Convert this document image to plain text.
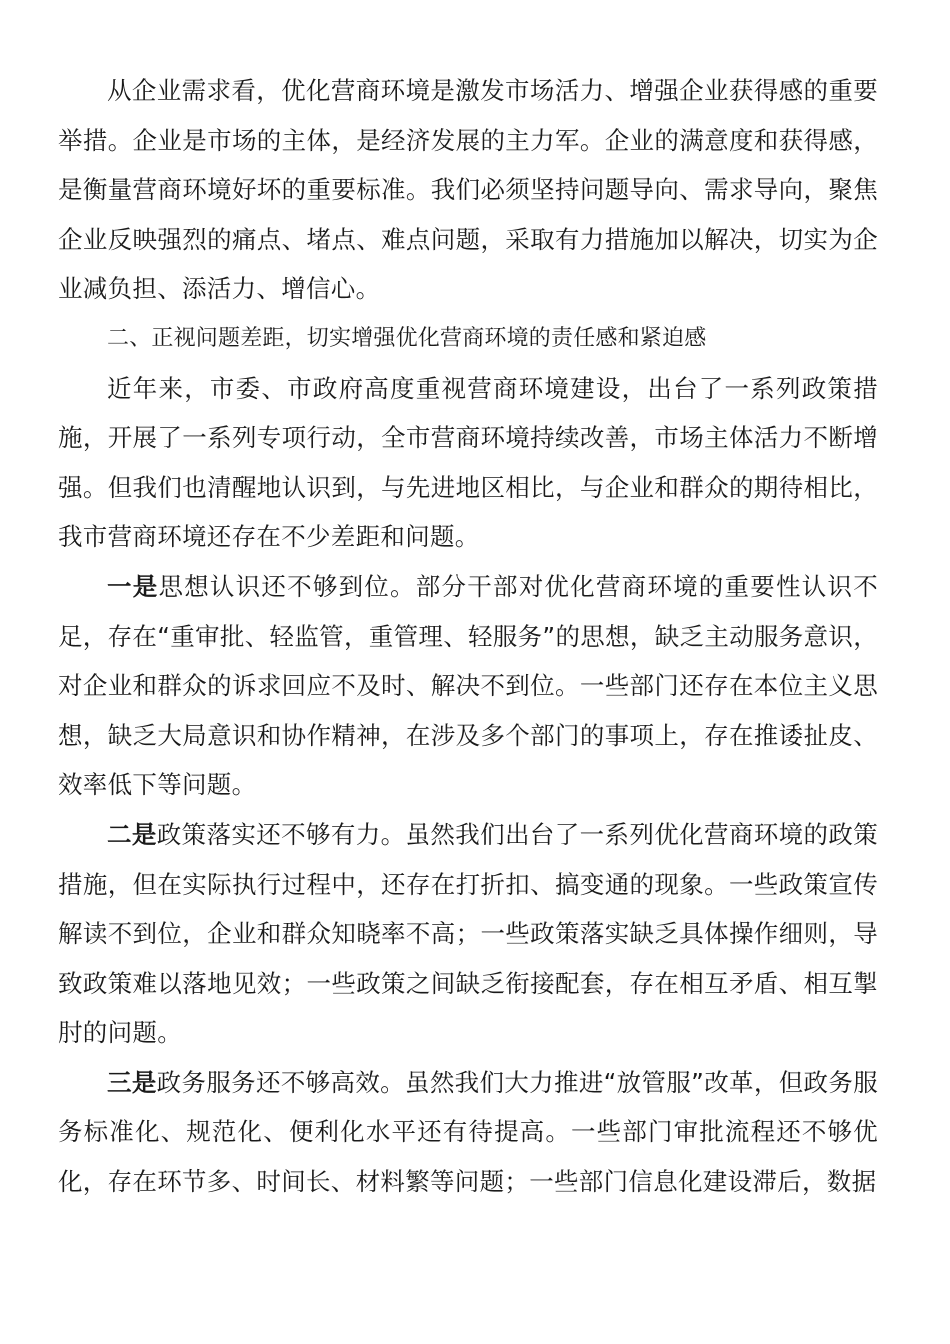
从企业需求看，优化营商环境是激发市场活力、增强企业获得感的重要举措。企业是市场的主体，是经济发展的主力军。企业的满意度和获得感，是衡量营商环境好坏的重要标准。我们必须坚持问题导向、需求导向，聚焦企业反映强烈的痛点、堵点、难点问题，采取有力措施加以解决，切实为企业减负担、添活力、增信心。

二、正视问题差距，切实增强优化营商环境的责任感和紧迫感

近年来，市委、市政府高度重视营商环境建设，出台了一系列政策措施，开展了一系列专项行动，全市营商环境持续改善，市场主体活力不断增强。但我们也清醒地认识到，与先进地区相比，与企业和群众的期待相比，我市营商环境还存在不少差距和问题。

一是思想认识还不够到位。部分干部对优化营商环境的重要性认识不足，存在“重审批、轻监管，重管理、轻服务”的思想，缺乏主动服务意识，对企业和群众的诉求回应不及时、解决不到位。一些部门还存在本位主义思想，缺乏大局意识和协作精神，在涉及多个部门的事项上，存在推诿扯皮、效率低下等问题。

二是政策落实还不够有力。虽然我们出台了一系列优化营商环境的政策措施，但在实际执行过程中，还存在打折扣、搞变通的现象。一些政策宣传解读不到位，企业和群众知晓率不高；一些政策落实缺乏具体操作细则，导致政策难以落地见效；一些政策之间缺乏衔接配套，存在相互矛盾、相互掣肘的问题。

三是政务服务还不够高效。虽然我们大力推进“放管服”改革，但政务服务标准化、规范化、便利化水平还有待提高。一些部门审批流程还不够优化，存在环节多、时间长、材料繁等问题；一些部门信息化建设滞后，数据
